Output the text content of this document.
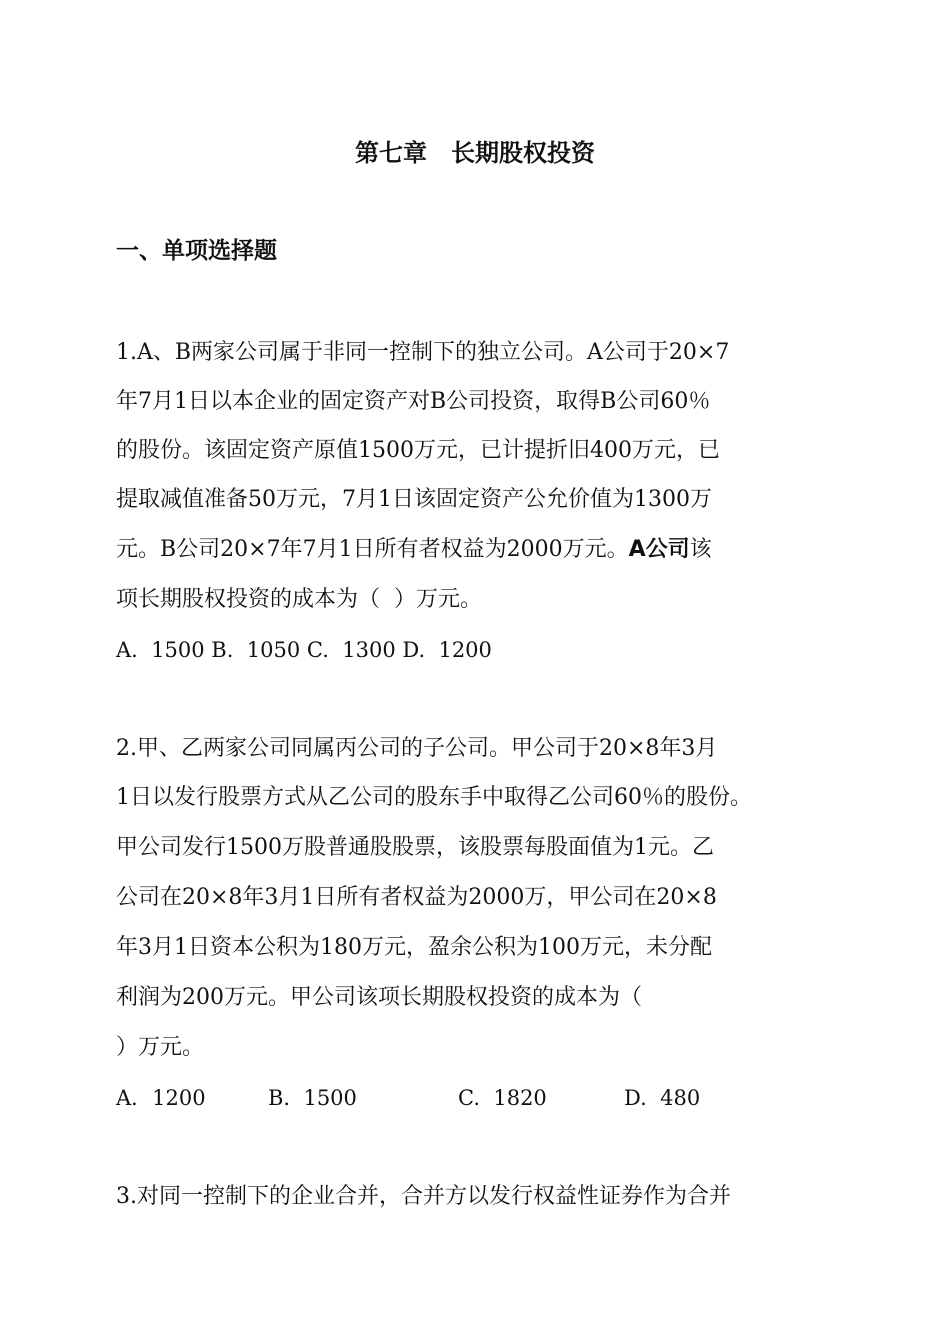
第七章　长期股权投资
一、单项选择题
1.A、B两家公司属于非同一控制下的独立公司。A公司于20×7
年7月1日以本企业的固定资产对B公司投资，取得B公司60％
的股份。该固定资产原值1500万元，已计提折旧400万元，已
提取减值准备50万元，7月1日该固定资产公允价值为1300万
元。B公司20×7年7月1日所有者权益为2000万元。A公司该
项长期股权投资的成本为（  ）万元。
A.  1500 B.  1050 C.  1300 D.  1200
2.甲、乙两家公司同属丙公司的子公司。甲公司于20×8年3月
1日以发行股票方式从乙公司的股东手中取得乙公司60％的股份。
甲公司发行1500万股普通股股票，该股票每股面值为1元。乙
公司在20×8年3月1日所有者权益为2000万，甲公司在20×8
年3月1日资本公积为180万元，盈余公积为100万元，未分配
利润为200万元。甲公司该项长期股权投资的成本为（
）万元。
A．1200	B.  1500	C.  1820	D.  480
3.对同一控制下的企业合并，合并方以发行权益性证券作为合并
